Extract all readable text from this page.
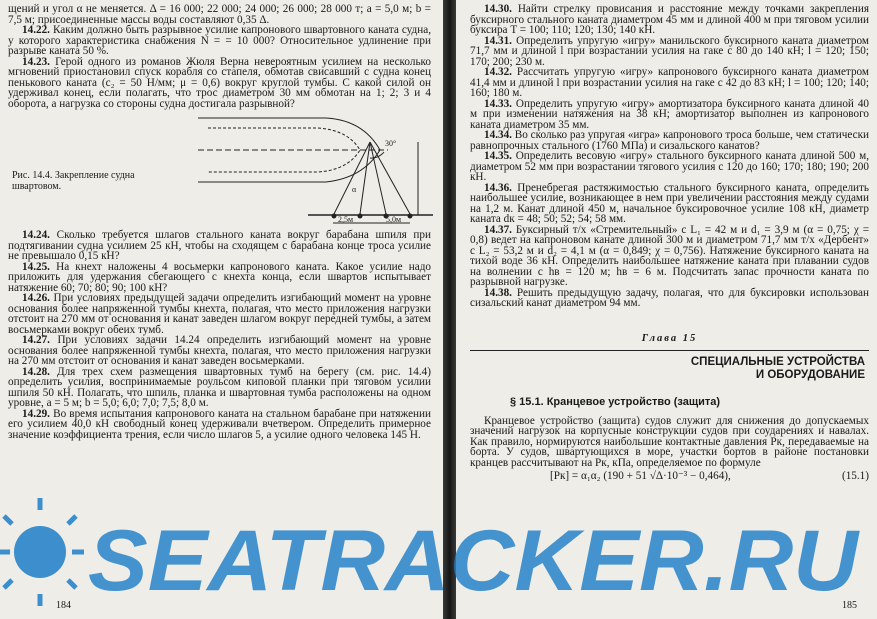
щений и угол α не меняется. Δ = 16 000; 22 000; 24 000; 26 000; 28 000 т; a = 5,0 м; b = 7,5 м; присоединенные массы воды составляют 0,35 Δ.

14.22. Каким должно быть разрывное усилие капронового швартовного каната судна, у которого характеристика снабжения N = = 10 000? Относительное удлинение при разрыве каната 50 %.

14.23. Герой одного из романов Жюля Верна невероятным усилием на несколько мгновений приостановил спуск корабля со стапеля, обмотав свисавший с судна конец пенькового каната (c₂ = 50 Н/мм; μ = 0,6) вокруг круглой тумбы. С какой силой он удерживал конец, если полагать, что трос диаметром 30 мм обмотан на 1; 2; 3 и 4 оборота, а нагрузка со стороны судна достигала разрывной?

Рис. 14.4. Закрепление судна швартовом.
30°
α
2,5м	5,0м

14.24. Сколько требуется шлагов стального каната вокруг барабана шпиля при подтягивании судна усилием 25 кН, чтобы на сходящем с барабана конце троса усилие не превышало 0,15 кН?

14.25. На кнехт наложены 4 восьмерки капронового каната. Какое усилие надо приложить для удержания сбегающего с кнехта конца, если швартов испытывает натяжение 60; 70; 80; 90; 100 кН?

14.26. При условиях предыдущей задачи определить изгибающий момент на уровне основания более напряженной тумбы кнехта, полагая, что место приложения нагрузки отстоит на 270 мм от основания и канат заведен шлагом вокруг передней тумбы, а затем восьмерками вокруг обеих тумб.

14.27. При условиях задачи 14.24 определить изгибающий момент на уровне основания более напряженной тумбы кнехта, полагая, что место приложения нагрузки на 270 мм отстоит от основания и канат заведен восьмерками.

14.28. Для трех схем размещения швартовных тумб на берегу (см. рис. 14.4) определить усилия, воспринимаемые роульсом киповой планки при тяговом усилии шпиля 50 кН. Полагать, что шпиль, планка и швартовная тумба расположены на одном уровне, a = 5 м; b = 5,0; 6,0; 7,0; 7,5; 8,0 м.

14.29. Во время испытания капронового каната на стальном барабане при натяжении его усилием 40,0 кН свободный конец удерживали вчетвером. Определить примерное значение коэффициента трения, если число шлагов 5, а усилие одного человека 145 Н.

184

14.30. Найти стрелку провисания и расстояние между точками закрепления буксирного стального каната диаметром 45 мм и длиной 400 м при тяговом усилии буксира T = 100; 110; 120; 130; 140 кН.

14.31. Определить упругую «игру» манильского буксирного каната диаметром 71,7 мм и длиной l при возрастании усилия на гаке с 80 до 140 кН; l = 120; 150; 170; 200; 230 м.

14.32. Рассчитать упругую «игру» капронового буксирного каната диаметром 41,4 мм и длиной l при возрастании усилия на гаке с 42 до 83 кН; l = 100; 120; 140; 160; 180 м.

14.33. Определить упругую «игру» амортизатора буксирного каната длиной 40 м при изменении натяжения на 38 кН; амортизатор выполнен из капронового каната диаметром 35 мм.

14.34. Во сколько раз упругая «игра» капронового троса больше, чем статически равнопрочных стального (1760 МПа) и сизальского канатов?

14.35. Определить весовую «игру» стального буксирного каната длиной 500 м, диаметром 52 мм при возрастании тягового усилия с 120 до 160; 170; 180; 190; 200 кН.

14.36. Пренебрегая растяжимостью стального буксирного каната, определить наибольшее усилие, возникающее в нем при увеличении расстояния между судами на 1,2 м. Канат длиной 450 м, начальное буксировочное усилие 108 кН, диаметр каната dк = 48; 50; 52; 54; 58 мм.

14.37. Буксирный т/х «Стремительный» с L₁ = 42 м и d₁ = 3,9 м (α = 0,75; χ = 0,8) ведет на капроновом канате длиной 300 м и диаметром 71,7 мм т/х «Дербент» с L₂ = 53,2 м и d₂ = 4,1 м (α = 0,849; χ = 0,756). Натяжение буксирного каната на тихой воде 36 кН. Определить наибольшее натяжение каната при плавании судов на волнении с hв = 120 м; hв = 6 м. Подсчитать запас прочности каната по разрывной нагрузке.

14.38. Решить предыдущую задачу, полагая, что для буксировки использован сизальский канат диаметром 94 мм.

Глава 15
СПЕЦИАЛЬНЫЕ УСТРОЙСТВА
И ОБОРУДОВАНИЕ
§ 15.1. Кранцевое устройство (защита)

Кранцевое устройство (защита) судов служит для снижения до допускаемых значений нагрузок на корпусные конструкции судов при соударениях и навалах. Как правило, нормируются наибольшие контактные давления Pк, передаваемые на борта. У судов, швартующихся в море, участки бортов в районе постановки кранцев рассчитывают на Pк, кПа, определяемое по формуле

[Pк] = α₁α₂ (190 + 51 √Δ·10⁻³ − 0,464),	(15.1)
185
SEATRACKER.RU
